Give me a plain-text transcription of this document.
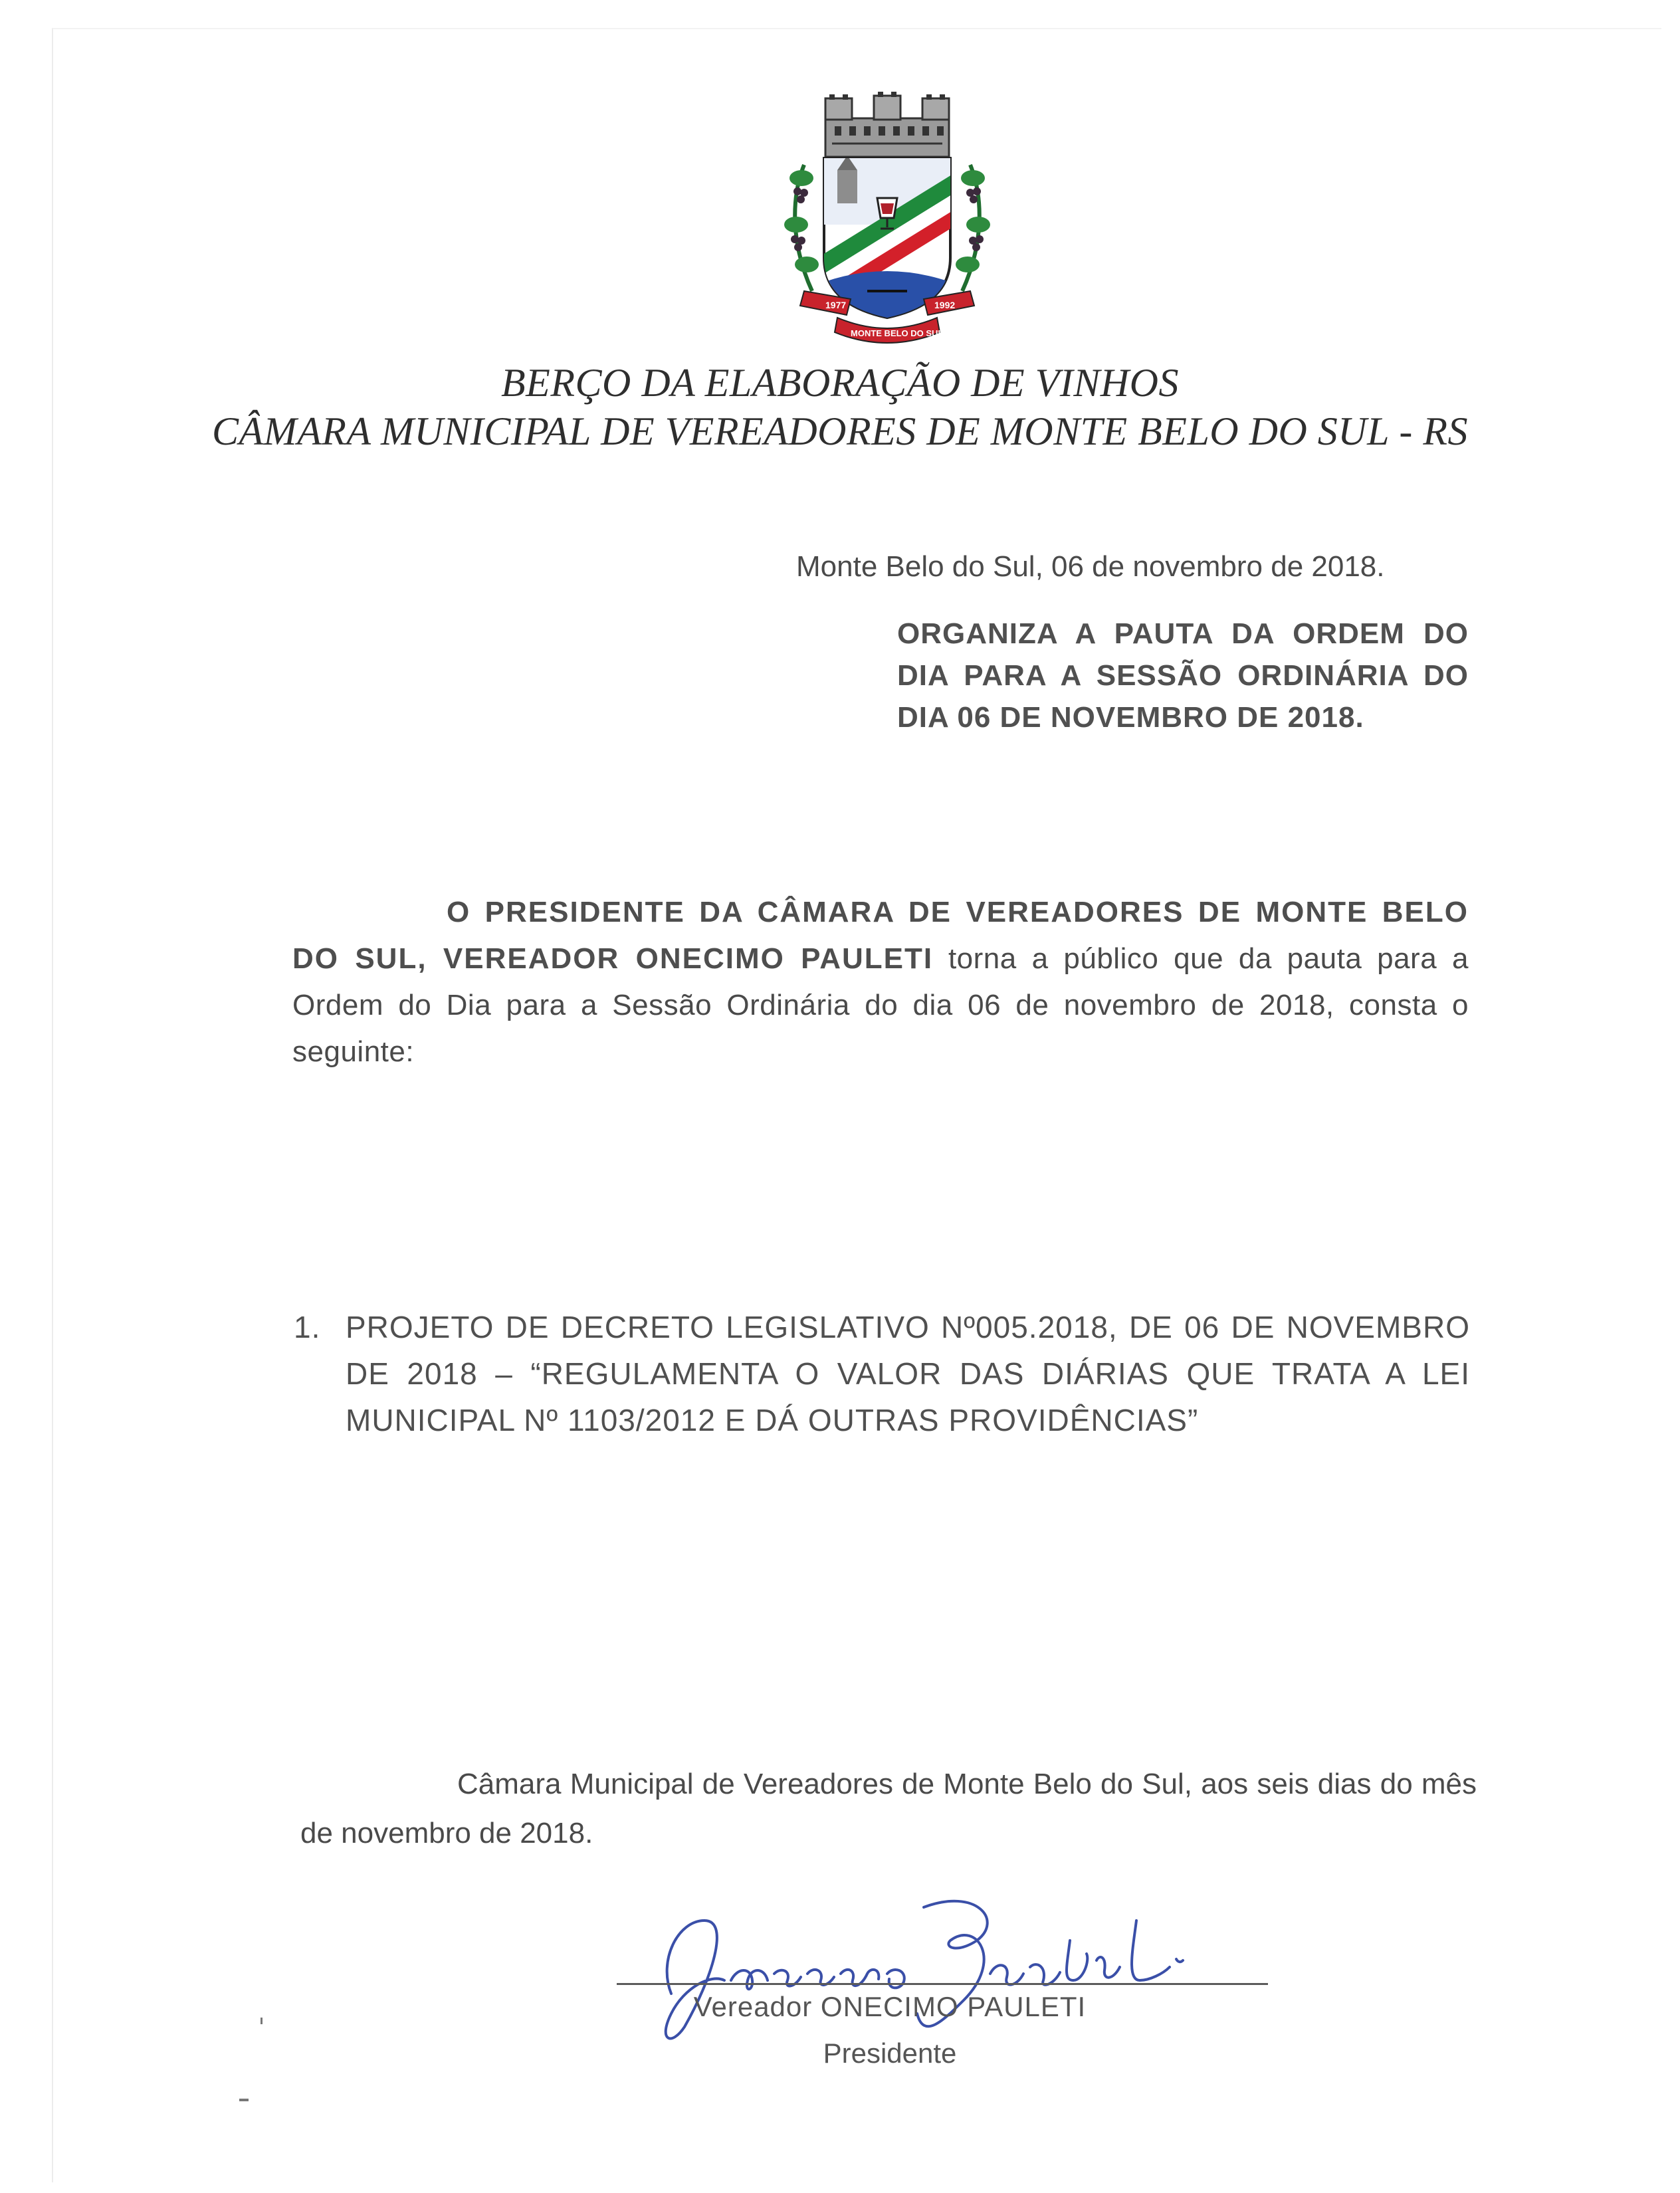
1977	1992
MONTE BELO DO SUL
BERÇO DA ELABORAÇÃO DE VINHOS
CÂMARA MUNICIPAL DE VEREADORES DE MONTE BELO DO SUL - RS
Monte Belo do Sul, 06 de novembro de 2018.
ORGANIZA A PAUTA DA ORDEM DO DIA PARA A SESSÃO ORDINÁRIA DO DIA 06 DE NOVEMBRO DE 2018.
O PRESIDENTE DA CÂMARA DE VEREADORES DE MONTE BELO DO SUL, VEREADOR ONECIMO PAULETI torna a público que da pauta para a Ordem do Dia para a Sessão Ordinária do dia 06 de novembro de 2018, consta o seguinte:
1. PROJETO DE DECRETO LEGISLATIVO Nº005.2018, DE 06 DE NOVEMBRO DE 2018 – “REGULAMENTA O VALOR DAS DIÁRIAS QUE TRATA A LEI MUNICIPAL Nº 1103/2012 E DÁ OUTRAS PROVIDÊNCIAS”
Câmara Municipal de Vereadores de Monte Belo do Sul, aos seis dias do mês de novembro de 2018.
Vereador ONECIMO PAULETI
Presidente
